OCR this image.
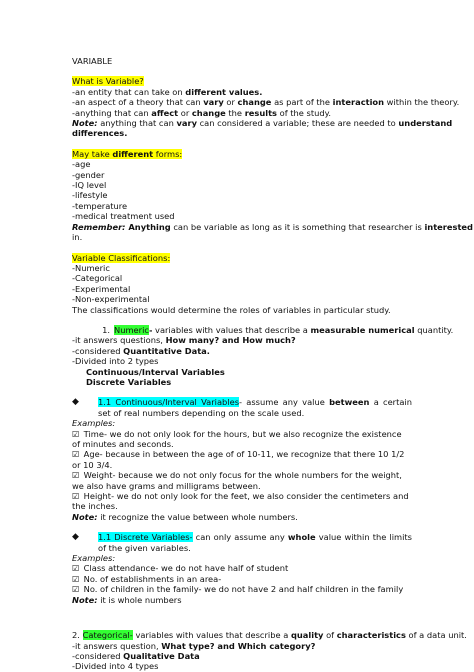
VARIABLE
What is Variable?
-an entity that can take on different values.
-an aspect of a theory that can vary or change as part of the interaction within the theory.
-anything that can affect or change the results of the study.
Note: anything that can vary can considered a variable; these are needed to understand
differences.
May take different forms:
-age
-gender
-IQ level
-lifestyle
-temperature
-medical treatment used
Remember: Anything can be variable as long as it is something that researcher is interested
in.
Variable Classifications:
-Numeric
-Categorical
-Experimental
-Non-experimental
The classifications would determine the roles of variables in particular study.
1. Numeric- variables with values that describe a measurable numerical quantity.
-it answers questions, How many? and How much?
-considered Quantitative Data.
-Divided into 2 types
Continuous/Interval Variables
Discrete Variables
◆	1.1 Continuous/Interval Variables- assume any value between a certain set of real numbers depending on the scale used.
Examples:
☑ Time- we do not only look for the hours, but we also recognize the existence of minutes and seconds.
☑ Age- because in between the age of of 10-11, we recognize that there 10 1/2 or 10 3/4.
☑ Weight- because we do not only focus for the whole numbers for the weight, we also have grams and milligrams between.
☑ Height- we do not only look for the feet, we also consider the centimeters and the inches.
Note: it recognize the value between whole numbers.
◆	1.1 Discrete Variables- can only assume any whole value within the limits of the given variables.
Examples:
☑ Class attendance- we do not have half of student
☑ No. of establishments in an area-
☑ No. of children in the family- we do not have 2 and half children in the family
Note: it is whole numbers
2. Categorical- variables with values that describe a quality of characteristics of a data unit.
-it answers question, What type? and Which category?
-considered Qualitative Data
-Divided into 4 types
